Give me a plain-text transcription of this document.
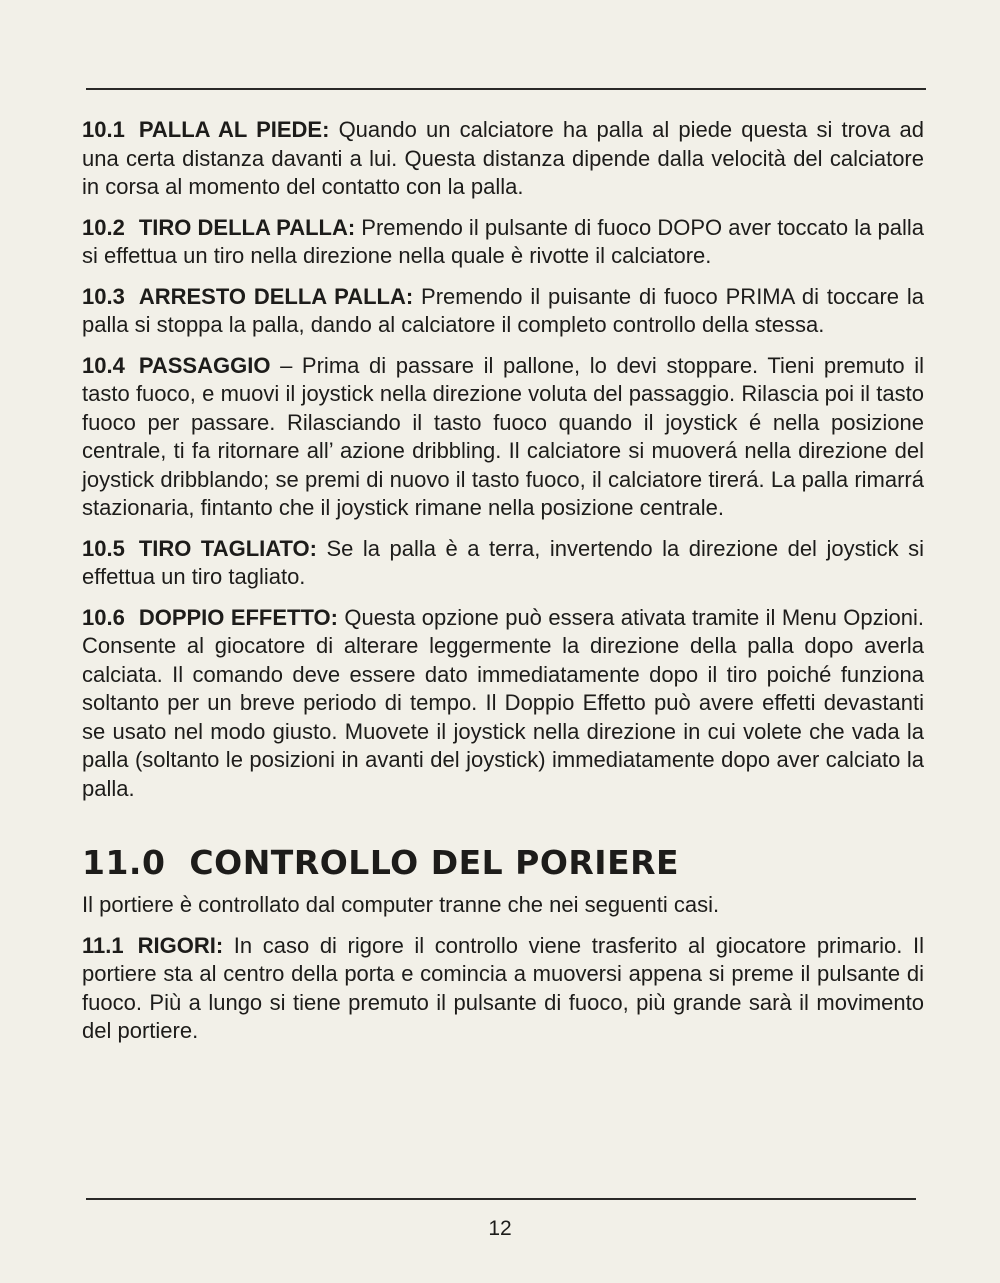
10.1 PALLA AL PIEDE: Quando un calciatore ha palla al piede questa si trova ad una certa distanza davanti a lui. Questa distanza dipende dalla velocità del calciatore in corsa al momento del contatto con la palla.

10.2 TIRO DELLA PALLA: Premendo il pulsante di fuoco DOPO aver toccato la palla si effettua un tiro nella direzione nella quale è rivotte il calciatore.

10.3 ARRESTO DELLA PALLA: Premendo il puisante di fuoco PRIMA di toccare la palla si stoppa la palla, dando al calciatore il completo controllo della stessa.

10.4 PASSAGGIO – Prima di passare il pallone, lo devi stoppare. Tieni premuto il tasto fuoco, e muovi il joystick nella direzione voluta del passaggio. Rilascia poi il tasto fuoco per passare. Rilasciando il tasto fuoco quando il joystick é nella posizione centrale, ti fa ritornare all’ azione dribbling. Il calciatore si muoverá nella direzione del joystick dribblando; se premi di nuovo il tasto fuoco, il calciatore tirerá. La palla rimarrá stazionaria, fintanto che il joystick rimane nella posizione centrale.

10.5 TIRO TAGLIATO: Se la palla è a terra, invertendo la direzione del joystick si effettua un tiro tagliato.

10.6 DOPPIO EFFETTO: Questa opzione può essera ativata tramite il Menu Opzioni. Consente al giocatore di alterare leggermente la direzione della palla dopo averla calciata. Il comando deve essere dato immediatamente dopo il tiro poiché funziona soltanto per un breve periodo di tempo. Il Doppio Effetto può avere effetti devastanti se usato nel modo giusto. Muovete il joystick nella direzione in cui volete che vada la palla (soltanto le posizioni in avanti del joystick) immediatamente dopo aver calciato la palla.

11.0 CONTROLLO DEL PORIERE

Il portiere è controllato dal computer tranne che nei seguenti casi.

11.1 RIGORI: In caso di rigore il controllo viene trasferito al giocatore primario. Il portiere sta al centro della porta e comincia a muoversi appena si preme il pulsante di fuoco. Più a lungo si tiene premuto il pulsante di fuoco, più grande sarà il movimento del portiere.

12
